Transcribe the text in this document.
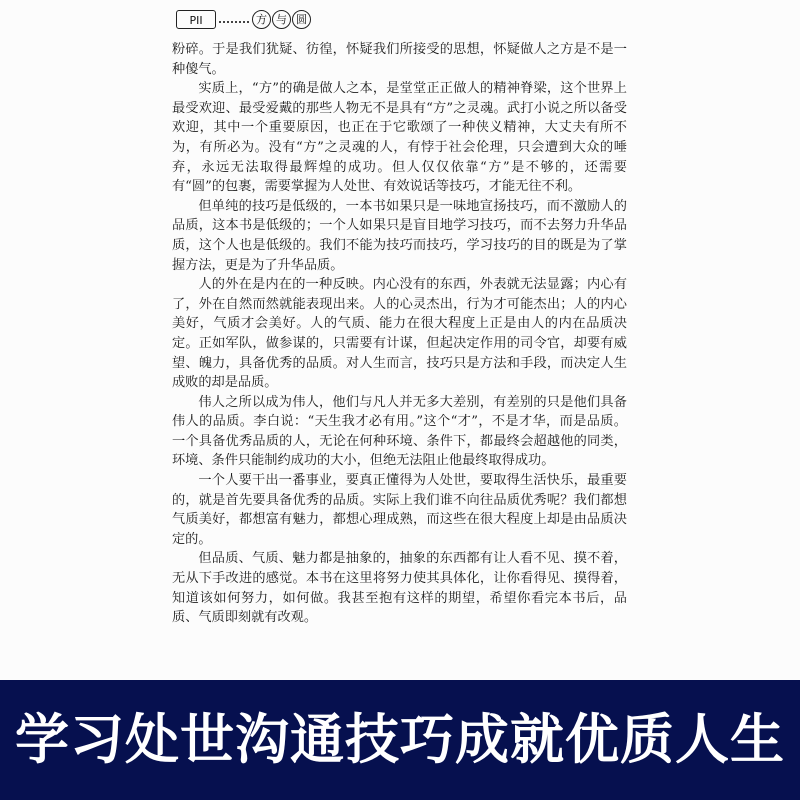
PII	方 与 圆

粉碎。于是我们犹疑、彷徨，怀疑我们所接受的思想，怀疑做人之方是不是一种傻气。

实质上，“方”的确是做人之本，是堂堂正正做人的精神脊梁，这个世界上最受欢迎、最受爱戴的那些人物无不是具有“方”之灵魂。武打小说之所以备受欢迎，其中一个重要原因，也正在于它歌颂了一种侠义精神，大丈夫有所不为，有所必为。没有“方”之灵魂的人，有悖于社会伦理，只会遭到大众的唾弃，永远无法取得最辉煌的成功。但人仅仅依靠“方”是不够的，还需要有“圆”的包裹，需要掌握为人处世、有效说话等技巧，才能无往不利。

但单纯的技巧是低级的，一本书如果只是一味地宣扬技巧，而不激励人的品质，这本书是低级的；一个人如果只是盲目地学习技巧，而不去努力升华品质，这个人也是低级的。我们不能为技巧而技巧，学习技巧的目的既是为了掌握方法，更是为了升华品质。

人的外在是内在的一种反映。内心没有的东西，外表就无法显露；内心有了，外在自然而然就能表现出来。人的心灵杰出，行为才可能杰出；人的内心美好，气质才会美好。人的气质、能力在很大程度上正是由人的内在品质决定。正如军队，做参谋的，只需要有计谋，但起决定作用的司令官，却要有威望、魄力，具备优秀的品质。对人生而言，技巧只是方法和手段，而决定人生成败的却是品质。

伟人之所以成为伟人，他们与凡人并无多大差别，有差别的只是他们具备伟人的品质。李白说：“天生我才必有用。”这个“才”，不是才华，而是品质。一个具备优秀品质的人，无论在何种环境、条件下，都最终会超越他的同类，环境、条件只能制约成功的大小，但绝无法阻止他最终取得成功。

一个人要干出一番事业，要真正懂得为人处世，要取得生活快乐，最重要的，就是首先要具备优秀的品质。实际上我们谁不向往品质优秀呢？我们都想气质美好，都想富有魅力，都想心理成熟，而这些在很大程度上却是由品质决定的。

但品质、气质、魅力都是抽象的，抽象的东西都有让人看不见、摸不着，无从下手改进的感觉。本书在这里将努力使其具体化，让你看得见、摸得着，知道该如何努力，如何做。我甚至抱有这样的期望，希望你看完本书后，品质、气质即刻就有改观。

学习处世沟通技巧成就优质人生
